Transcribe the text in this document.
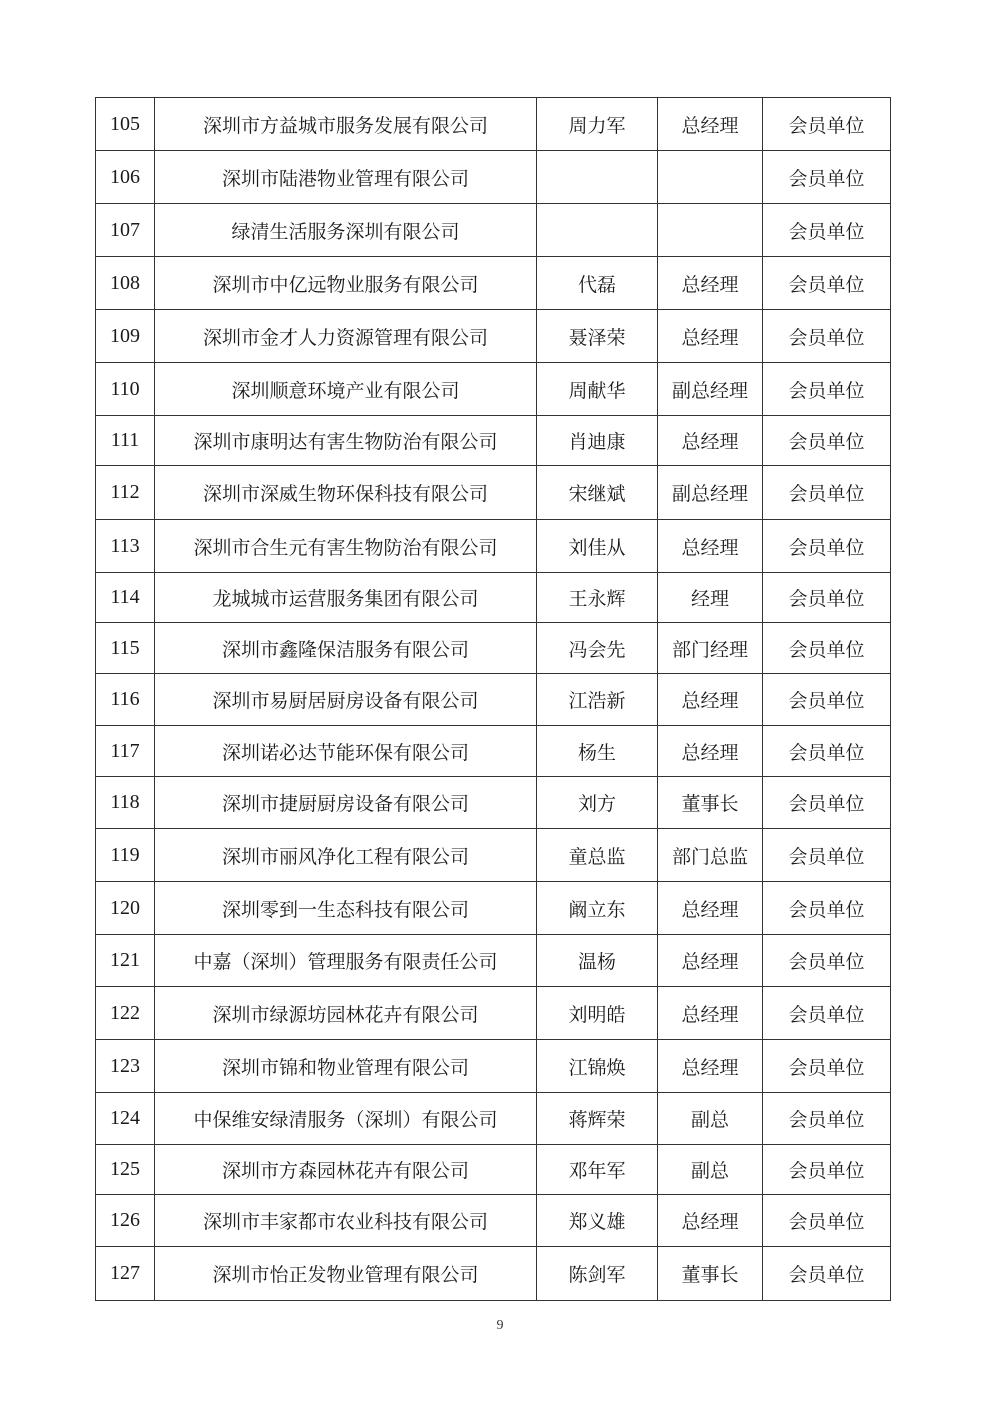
105	深圳市方益城市服务发展有限公司	周力军	总经理	会员单位
106	深圳市陆港物业管理有限公司			会员单位
107	绿清生活服务深圳有限公司			会员单位
108	深圳市中亿远物业服务有限公司	代磊	总经理	会员单位
109	深圳市金才人力资源管理有限公司	聂泽荣	总经理	会员单位
110	深圳顺意环境产业有限公司	周献华	副总经理	会员单位
111	深圳市康明达有害生物防治有限公司	肖迪康	总经理	会员单位
112	深圳市深威生物环保科技有限公司	宋继斌	副总经理	会员单位
113	深圳市合生元有害生物防治有限公司	刘佳从	总经理	会员单位
114	龙城城市运营服务集团有限公司	王永辉	经理	会员单位
115	深圳市鑫隆保洁服务有限公司	冯会先	部门经理	会员单位
116	深圳市易厨居厨房设备有限公司	江浩新	总经理	会员单位
117	深圳诺必达节能环保有限公司	杨生	总经理	会员单位
118	深圳市捷厨厨房设备有限公司	刘方	董事长	会员单位
119	深圳市丽风净化工程有限公司	童总监	部门总监	会员单位
120	深圳零到一生态科技有限公司	阚立东	总经理	会员单位
121	中嘉（深圳）管理服务有限责任公司	温杨	总经理	会员单位
122	深圳市绿源坊园林花卉有限公司	刘明皓	总经理	会员单位
123	深圳市锦和物业管理有限公司	江锦焕	总经理	会员单位
124	中保维安绿清服务（深圳）有限公司	蒋辉荣	副总	会员单位
125	深圳市方森园林花卉有限公司	邓年军	副总	会员单位
126	深圳市丰家都市农业科技有限公司	郑义雄	总经理	会员单位
127	深圳市怡正发物业管理有限公司	陈剑军	董事长	会员单位
9
